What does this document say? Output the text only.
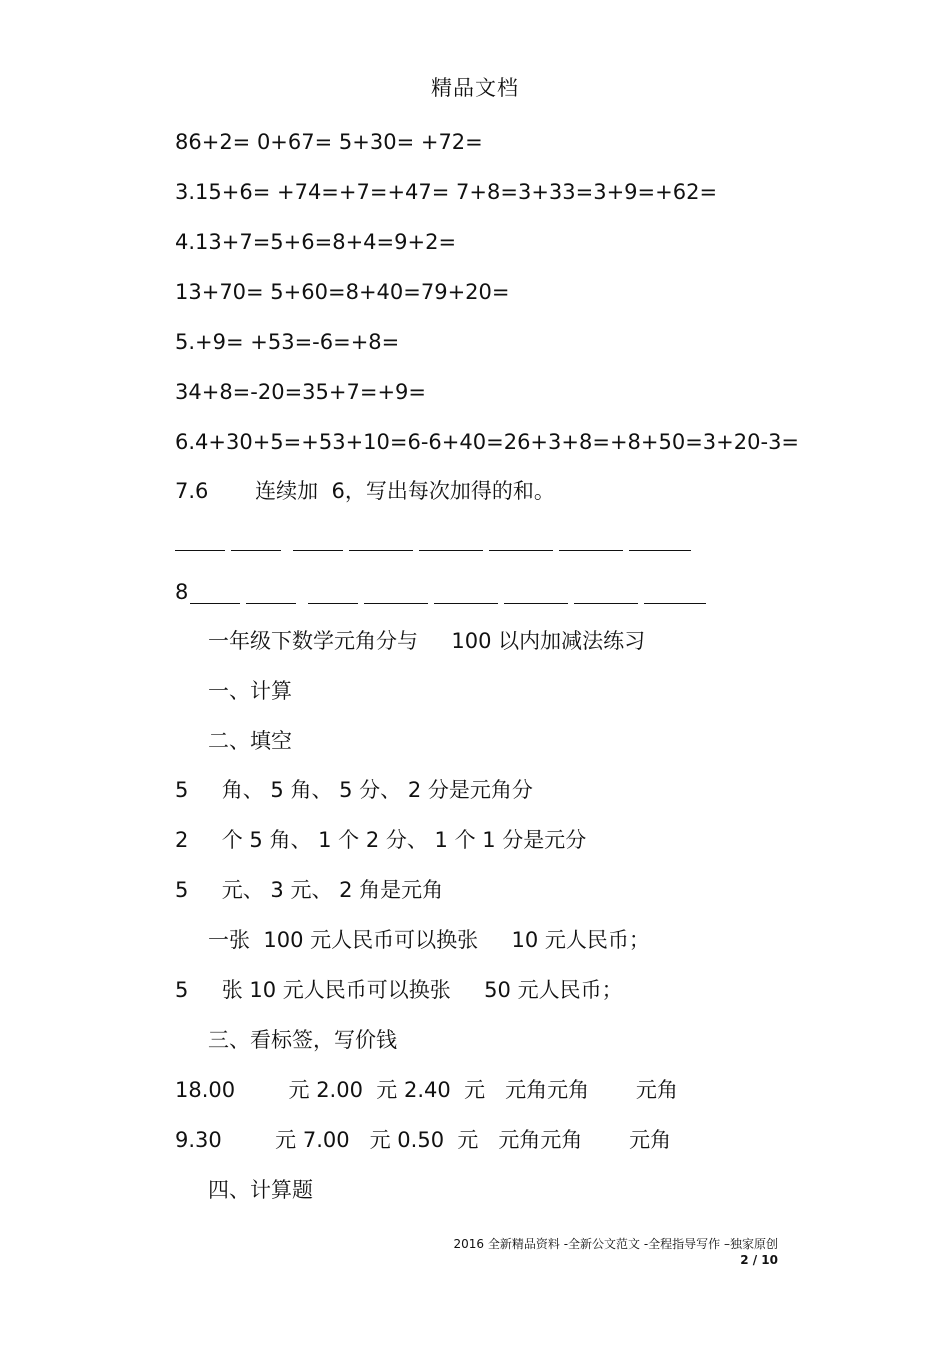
精品文档
86+2= 0+67= 5+30= +72=
3.15+6= +74=+7=+47= 7+8=3+33=3+9=+62=
4.13+7=5+6=8+4=9+2=
13+70= 5+60=8+40=79+20=
5.+9= +53=-6=+8=
34+8=-20=35+7=+9=
6.4+30+5=+53+10=6-6+40=26+3+8=+8+50=3+20-3=
7.6       连续加  6，写出每次加得的和。
8
一年级下数学元角分与     100 以内加减法练习
一、计算
二、填空
5     角、 5 角、 5 分、 2 分是元角分
2     个 5 角、 1 个 2 分、 1 个 1 分是元分
5     元、 3 元、 2 角是元角
一张  100 元人民币可以换张     10 元人民币；
5     张 10 元人民币可以换张     50 元人民币；
三、看标签，写价钱
18.00        元 2.00  元 2.40  元   元角元角       元角
9.30        元 7.00   元 0.50  元   元角元角       元角
四、计算题
2016 全新精品资料 -全新公文范文 -全程指导写作 –独家原创
2 / 10
